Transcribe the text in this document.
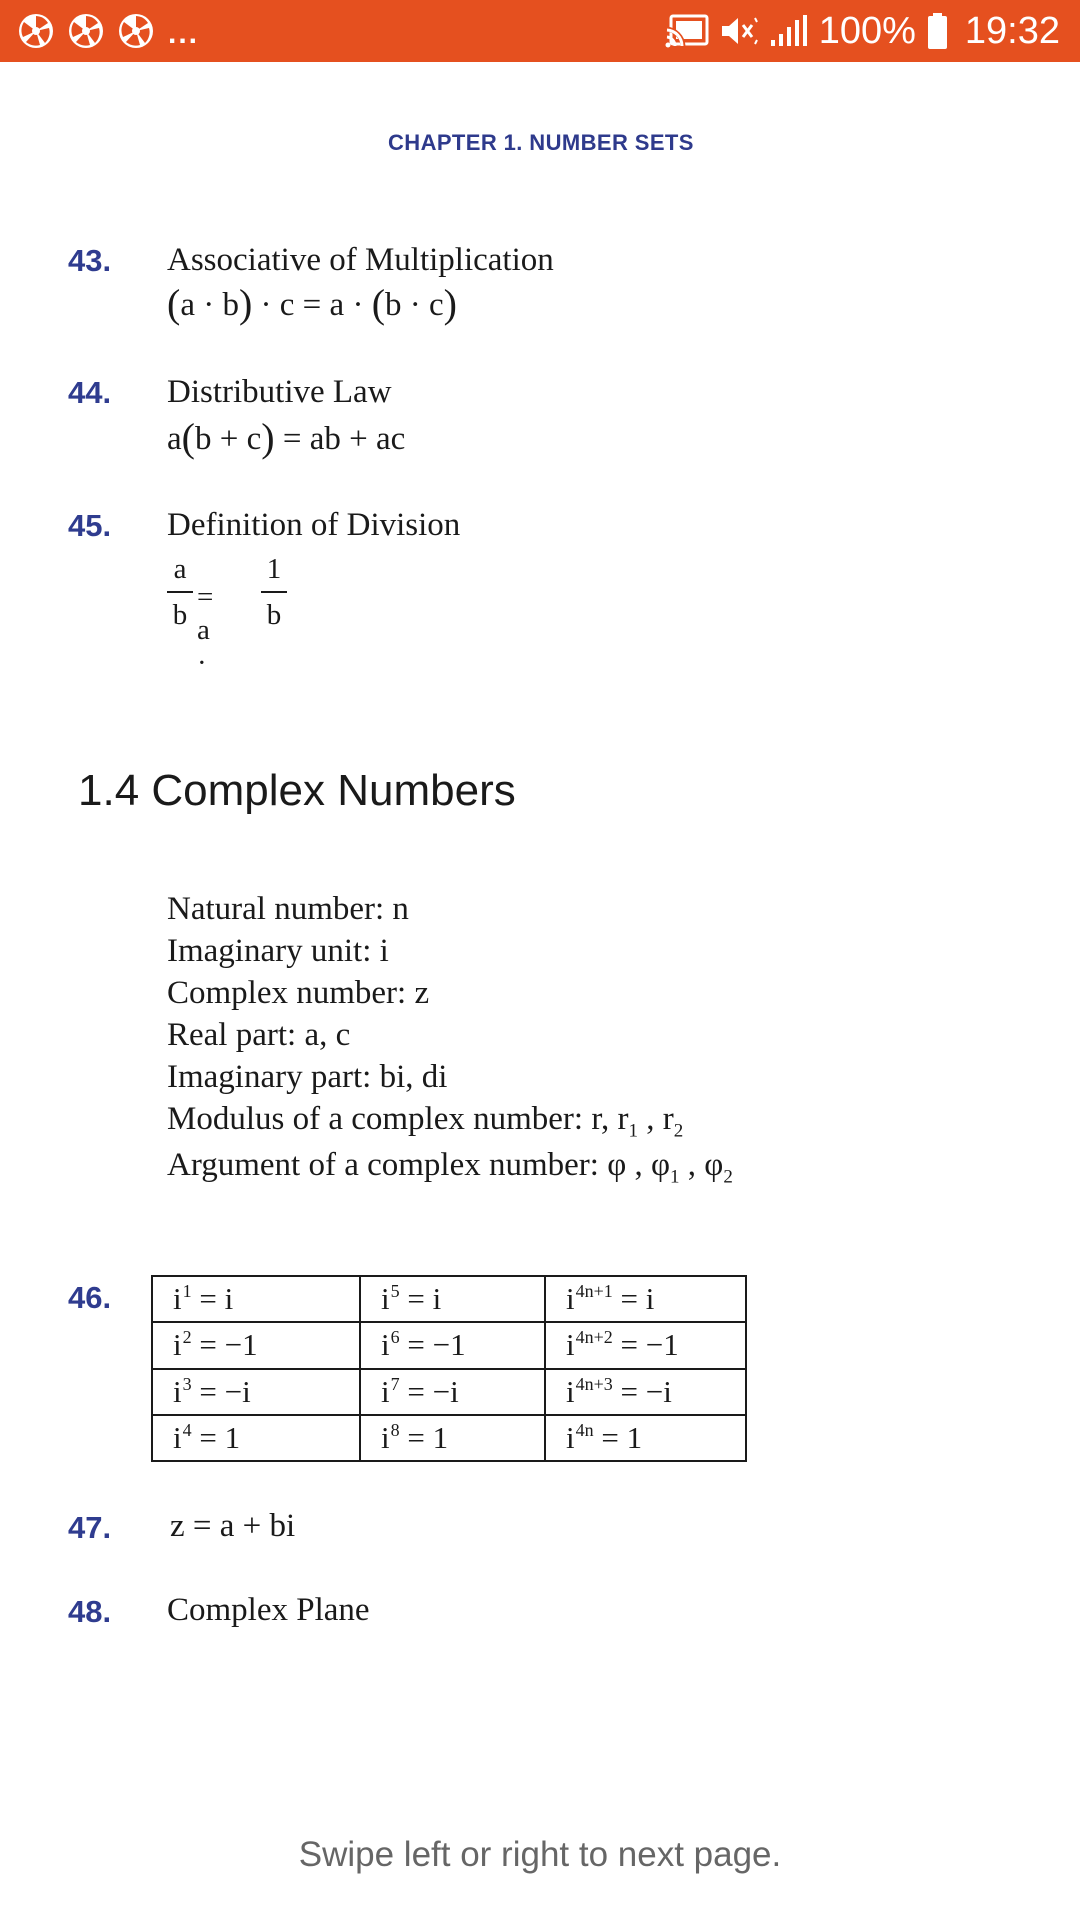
...	100% 19:32
CHAPTER 1. NUMBER SETS
43. Associative of Multiplication
(a · b) · c = a · (b · c)
44. Distributive Law
a(b + c) = ab + ac
45. Definition of Division
a
b
= a ·
1
b
1.4 Complex Numbers
Natural number: n
Imaginary unit: i
Complex number: z
Real part: a, c
Imaginary part: bi, di
Modulus of a complex number: r, $r_1$ , $r_2$
Argument of a complex number: φ , $\varphi_1$ , $\varphi_2$
46. $i^1 = i$	$i^5 = i$	$i^{4n+1} = i$
$i^2 = -1$	$i^6 = -1$	$i^{4n+2} = -1$
$i^3 = -i$	$i^7 = -i$	$i^{4n+3} = -i$
$i^4 = 1$	$i^8 = 1$	$i^{4n} = 1$
47. z = a + bi
48. Complex Plane
Swipe left or right to next page.
